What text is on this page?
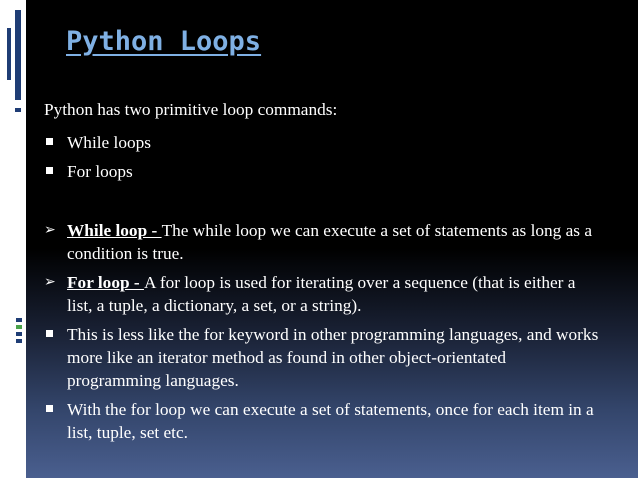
Python Loops

Python has two primitive loop commands:

While loops
For loops
➢ While loop - The while loop we can execute a set of statements as long as a condition is true.
➢ For loop - A for loop is used for iterating over a sequence (that is either a list, a tuple, a dictionary, a set, or a string).
This is less like the for keyword in other programming languages, and works more like an iterator method as found in other object-orientated programming languages.
With the for loop we can execute a set of statements, once for each item in a list, tuple, set etc.
